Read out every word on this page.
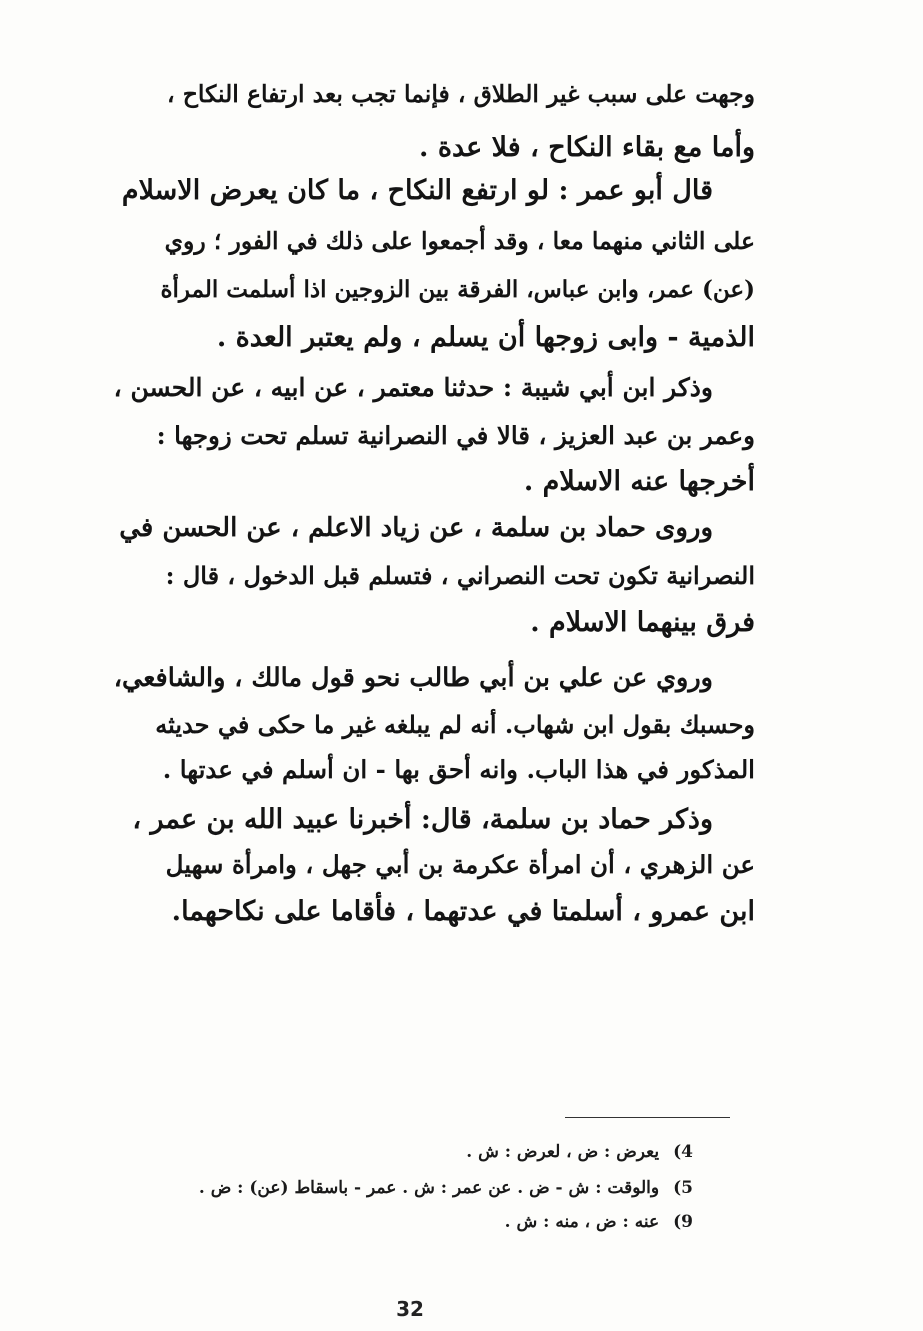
وجهت على سبب غير الطلاق ، فإنما تجب بعد ارتفاع النكاح ،
وأما مع بقاء النكاح ، فلا عدة .
قال أبو عمر : لو ارتفع النكاح ، ما كان يعرض الاسلام
على الثاني منهما معا ، وقد أجمعوا على ذلك في الفور ؛ روي
(عن) عمر، وابن عباس، الفرقة بين الزوجين اذا أسلمت المرأة
الذمية - وابى زوجها أن يسلم ، ولم يعتبر العدة .
وذكر ابن أبي شيبة : حدثنا معتمر ، عن ابيه ، عن الحسن ،
وعمر بن عبد العزيز ، قالا في النصرانية تسلم تحت زوجها :
أخرجها عنه الاسلام .
وروى حماد بن سلمة ، عن زياد الاعلم ، عن الحسن في
النصرانية تكون تحت النصراني ، فتسلم قبل الدخول ، قال :
فرق بينهما الاسلام .
وروي عن علي بن أبي طالب نحو قول مالك ، والشافعي،
وحسبك بقول ابن شهاب. أنه لم يبلغه غير ما حكى في حديثه
المذكور في هذا الباب. وانه أحق بها - ان أسلم في عدتها .
وذكر حماد بن سلمة، قال: أخبرنا عبيد الله بن عمر ،
عن الزهري ، أن امرأة عكرمة بن أبي جهل ، وامرأة سهيل
ابن عمرو ، أسلمتا في عدتهما ، فأقاما على نكاحهما.
4)يعرض : ض ، لعرض : ش .
5)والوقت : ش - ض . عن عمر : ش . عمر - باسقاط (عن) : ض .
9)عنه : ض ، منه : ش .
32
